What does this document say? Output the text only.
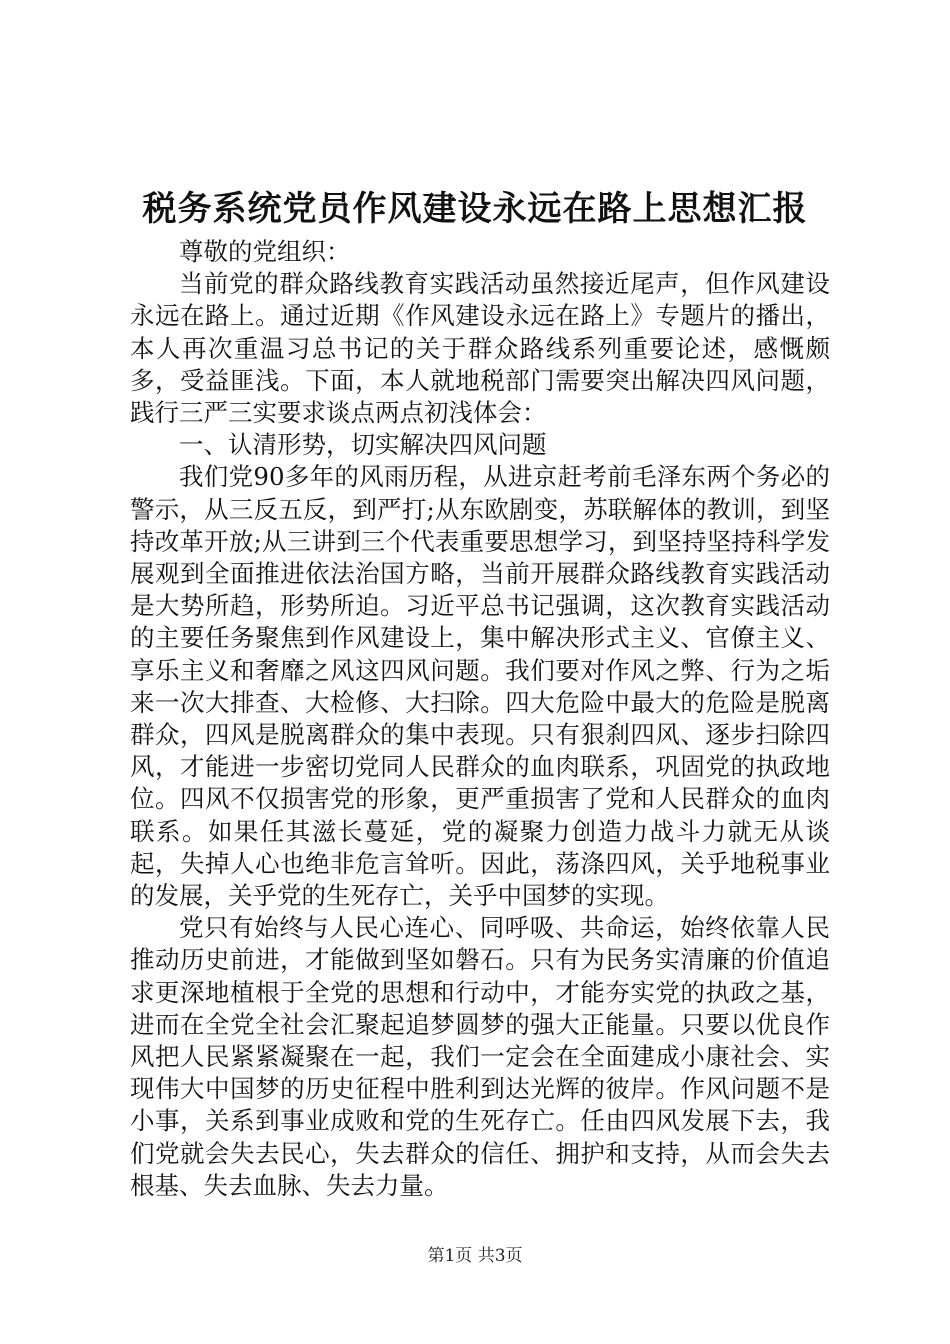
税务系统党员作风建设永远在路上思想汇报

尊敬的党组织：

当前党的群众路线教育实践活动虽然接近尾声，但作风建设永远在路上。通过近期《作风建设永远在路上》专题片的播出，本人再次重温习总书记的关于群众路线系列重要论述，感慨颇多，受益匪浅。下面，本人就地税部门需要突出解决四风问题，践行三严三实要求谈点两点初浅体会：

一、认清形势，切实解决四风问题

我们党90多年的风雨历程，从进京赶考前毛泽东两个务必的警示，从三反五反，到严打;从东欧剧变，苏联解体的教训，到坚持改革开放;从三讲到三个代表重要思想学习，到坚持坚持科学发展观到全面推进依法治国方略，当前开展群众路线教育实践活动是大势所趋，形势所迫。习近平总书记强调，这次教育实践活动的主要任务聚焦到作风建设上，集中解决形式主义、官僚主义、享乐主义和奢靡之风这四风问题。我们要对作风之弊、行为之垢来一次大排查、大检修、大扫除。四大危险中最大的危险是脱离群众，四风是脱离群众的集中表现。只有狠刹四风、逐步扫除四风，才能进一步密切党同人民群众的血肉联系，巩固党的执政地位。四风不仅损害党的形象，更严重损害了党和人民群众的血肉联系。如果任其滋长蔓延，党的凝聚力创造力战斗力就无从谈起，失掉人心也绝非危言耸听。因此，荡涤四风，关乎地税事业的发展，关乎党的生死存亡，关乎中国梦的实现。

党只有始终与人民心连心、同呼吸、共命运，始终依靠人民推动历史前进，才能做到坚如磐石。只有为民务实清廉的价值追求更深地植根于全党的思想和行动中，才能夯实党的执政之基，进而在全党全社会汇聚起追梦圆梦的强大正能量。只要以优良作风把人民紧紧凝聚在一起，我们一定会在全面建成小康社会、实现伟大中国梦的历史征程中胜利到达光辉的彼岸。作风问题不是小事，关系到事业成败和党的生死存亡。任由四风发展下去，我们党就会失去民心，失去群众的信任、拥护和支持，从而会失去根基、失去血脉、失去力量。

第1页 共3页
